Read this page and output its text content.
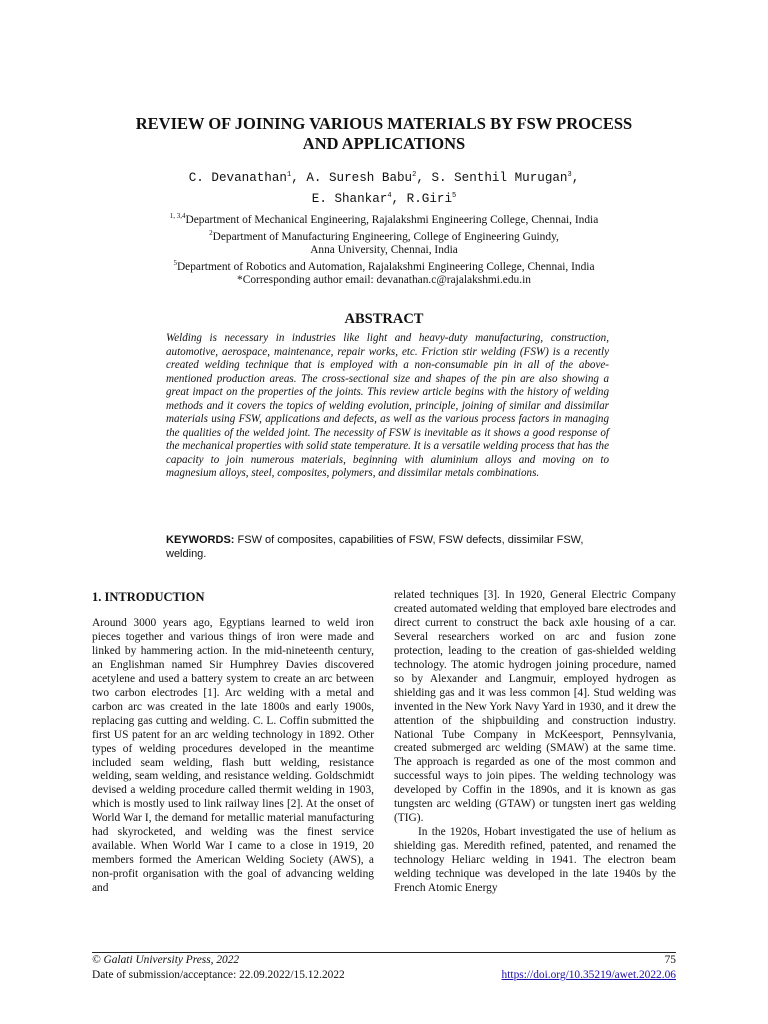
REVIEW OF JOINING VARIOUS MATERIALS BY FSW PROCESS
AND APPLICATIONS
C. Devanathan$^1$, A. Suresh Babu$^2$, S. Senthil Murugan$^3$,
E. Shankar$^4$, R.Giri$^5$
$^{1, 3,4}$Department of Mechanical Engineering, Rajalakshmi Engineering College, Chennai, India
$^2$Department of Manufacturing Engineering, College of Engineering Guindy,
Anna University, Chennai, India
$^5$Department of Robotics and Automation, Rajalakshmi Engineering College, Chennai, India
*Corresponding author email: devanathan.c@rajalakshmi.edu.in
ABSTRACT
Welding is necessary in industries like light and heavy-duty manufacturing, construction, automotive, aerospace, maintenance, repair works, etc. Friction stir welding (FSW) is a recently created welding technique that is employed with a non-consumable pin in all of the above-mentioned production areas. The cross-sectional size and shapes of the pin are also showing a great impact on the properties of the joints. This review article begins with the history of welding methods and it covers the topics of welding evolution, principle, joining of similar and dissimilar materials using FSW, applications and defects, as well as the various process factors in managing the qualities of the welded joint. The necessity of FSW is inevitable as it shows a good response of the mechanical properties with solid state temperature. It is a versatile welding process that has the capacity to join numerous materials, beginning with aluminium alloys and moving on to magnesium alloys, steel, composites, polymers, and dissimilar metals combinations.
KEYWORDS: FSW of composites, capabilities of FSW, FSW defects, dissimilar FSW, welding.
1. INTRODUCTION

Around 3000 years ago, Egyptians learned to weld iron pieces together and various things of iron were made and linked by hammering action. In the mid-nineteenth century, an Englishman named Sir Humphrey Davies discovered acetylene and used a battery system to create an arc between two carbon electrodes [1]. Arc welding with a metal and carbon arc was created in the late 1800s and early 1900s, replacing gas cutting and welding. C. L. Coffin submitted the first US patent for an arc welding technology in 1892. Other types of welding procedures developed in the meantime included seam welding, flash butt welding, resistance welding, seam welding, and resistance welding. Goldschmidt devised a welding procedure called thermit welding in 1903, which is mostly used to link railway lines [2]. At the onset of World War I, the demand for metallic material manufacturing had skyrocketed, and welding was the finest service available. When World War I came to a close in 1919, 20 members formed the American Welding Society (AWS), a non-profit organisation with the goal of advancing welding and

related techniques [3]. In 1920, General Electric Company created automated welding that employed bare electrodes and direct current to construct the back axle housing of a car. Several researchers worked on arc and fusion zone protection, leading to the creation of gas-shielded welding technology. The atomic hydrogen joining procedure, named so by Alexander and Langmuir, employed hydrogen as shielding gas and it was less common [4]. Stud welding was invented in the New York Navy Yard in 1930, and it drew the attention of the shipbuilding and construction industry. National Tube Company in McKeesport, Pennsylvania, created submerged arc welding (SMAW) at the same time. The approach is regarded as one of the most common and successful ways to join pipes. The welding technology was developed by Coffin in the 1890s, and it is known as gas tungsten arc welding (GTAW) or tungsten inert gas welding (TIG).

In the 1920s, Hobart investigated the use of helium as shielding gas. Meredith refined, patented, and renamed the technology Heliarc welding in 1941. The electron beam welding technique was developed in the late 1940s by the French Atomic Energy

© Galati University Press, 2022
Date of submission/acceptance: 22.09.2022/15.12.2022
75
https://doi.org/10.35219/awet.2022.06
